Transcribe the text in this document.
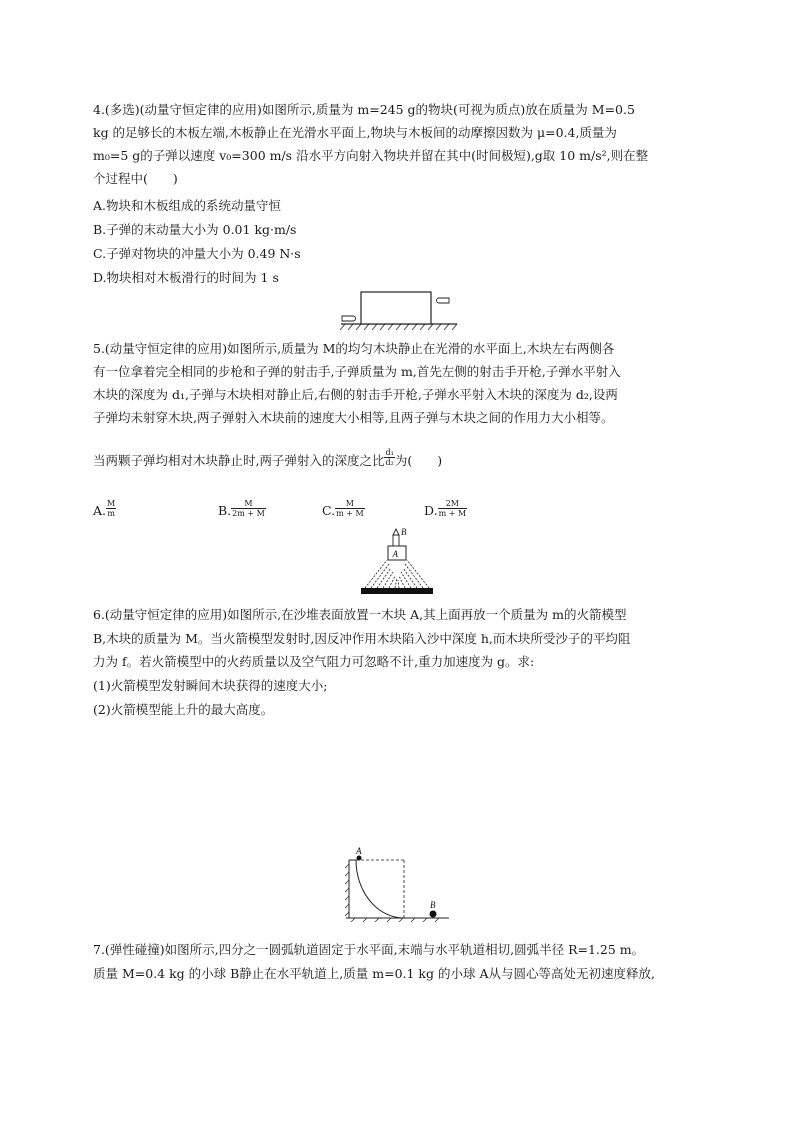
4.(多选)(动量守恒定律的应用)如图所示,质量为 m=245 g的物块(可视为质点)放在质量为 M=0.5
kg 的足够长的木板左端,木板静止在光滑水平面上,物块与木板间的动摩擦因数为 μ=0.4,质量为
m₀=5 g的子弹以速度 v₀=300 m/s 沿水平方向射入物块并留在其中(时间极短),g取 10 m/s²,则在整
个过程中(　　)
A.物块和木板组成的系统动量守恒
B.子弹的末动量大小为 0.01 kg·m/s
C.子弹对物块的冲量大小为 0.49 N·s
D.物块相对木板滑行的时间为 1 s
5.(动量守恒定律的应用)如图所示,质量为 M的均匀木块静止在光滑的水平面上,木块左右两侧各
有一位拿着完全相同的步枪和子弹的射击手,子弹质量为 m,首先左侧的射击手开枪,子弹水平射入
木块的深度为 d₁,子弹与木块相对静止后,右侧的射击手开枪,子弹水平射入木块的深度为 d₂,设两
子弹均未射穿木块,两子弹射入木块前的速度大小相等,且两子弹与木块之间的作用力大小相等。
当两颗子弹均相对木块静止时,两子弹射入的深度之比 $\frac{\text{d₁}}{\text{d₂}}$ 为(　　)
A. $\frac{M}{m}$	B. $\frac{M}{2m + M}$	C. $\frac{M}{m + M}$	D. $\frac{2M}{m + M}$
A
B
6.(动量守恒定律的应用)如图所示,在沙堆表面放置一木块 A,其上面再放一个质量为 m的火箭模型
B,木块的质量为 M。当火箭模型发射时,因反冲作用木块陷入沙中深度 h,而木块所受沙子的平均阻
力为 f。若火箭模型中的火药质量以及空气阻力可忽略不计,重力加速度为 g。求:
(1)火箭模型发射瞬间木块获得的速度大小;
(2)火箭模型能上升的最大高度。
A
B
7.(弹性碰撞)如图所示,四分之一圆弧轨道固定于水平面,末端与水平轨道相切,圆弧半径 R=1.25 m。
质量 M=0.4 kg 的小球 B静止在水平轨道上,质量 m=0.1 kg 的小球 A从与圆心等高处无初速度释放,
